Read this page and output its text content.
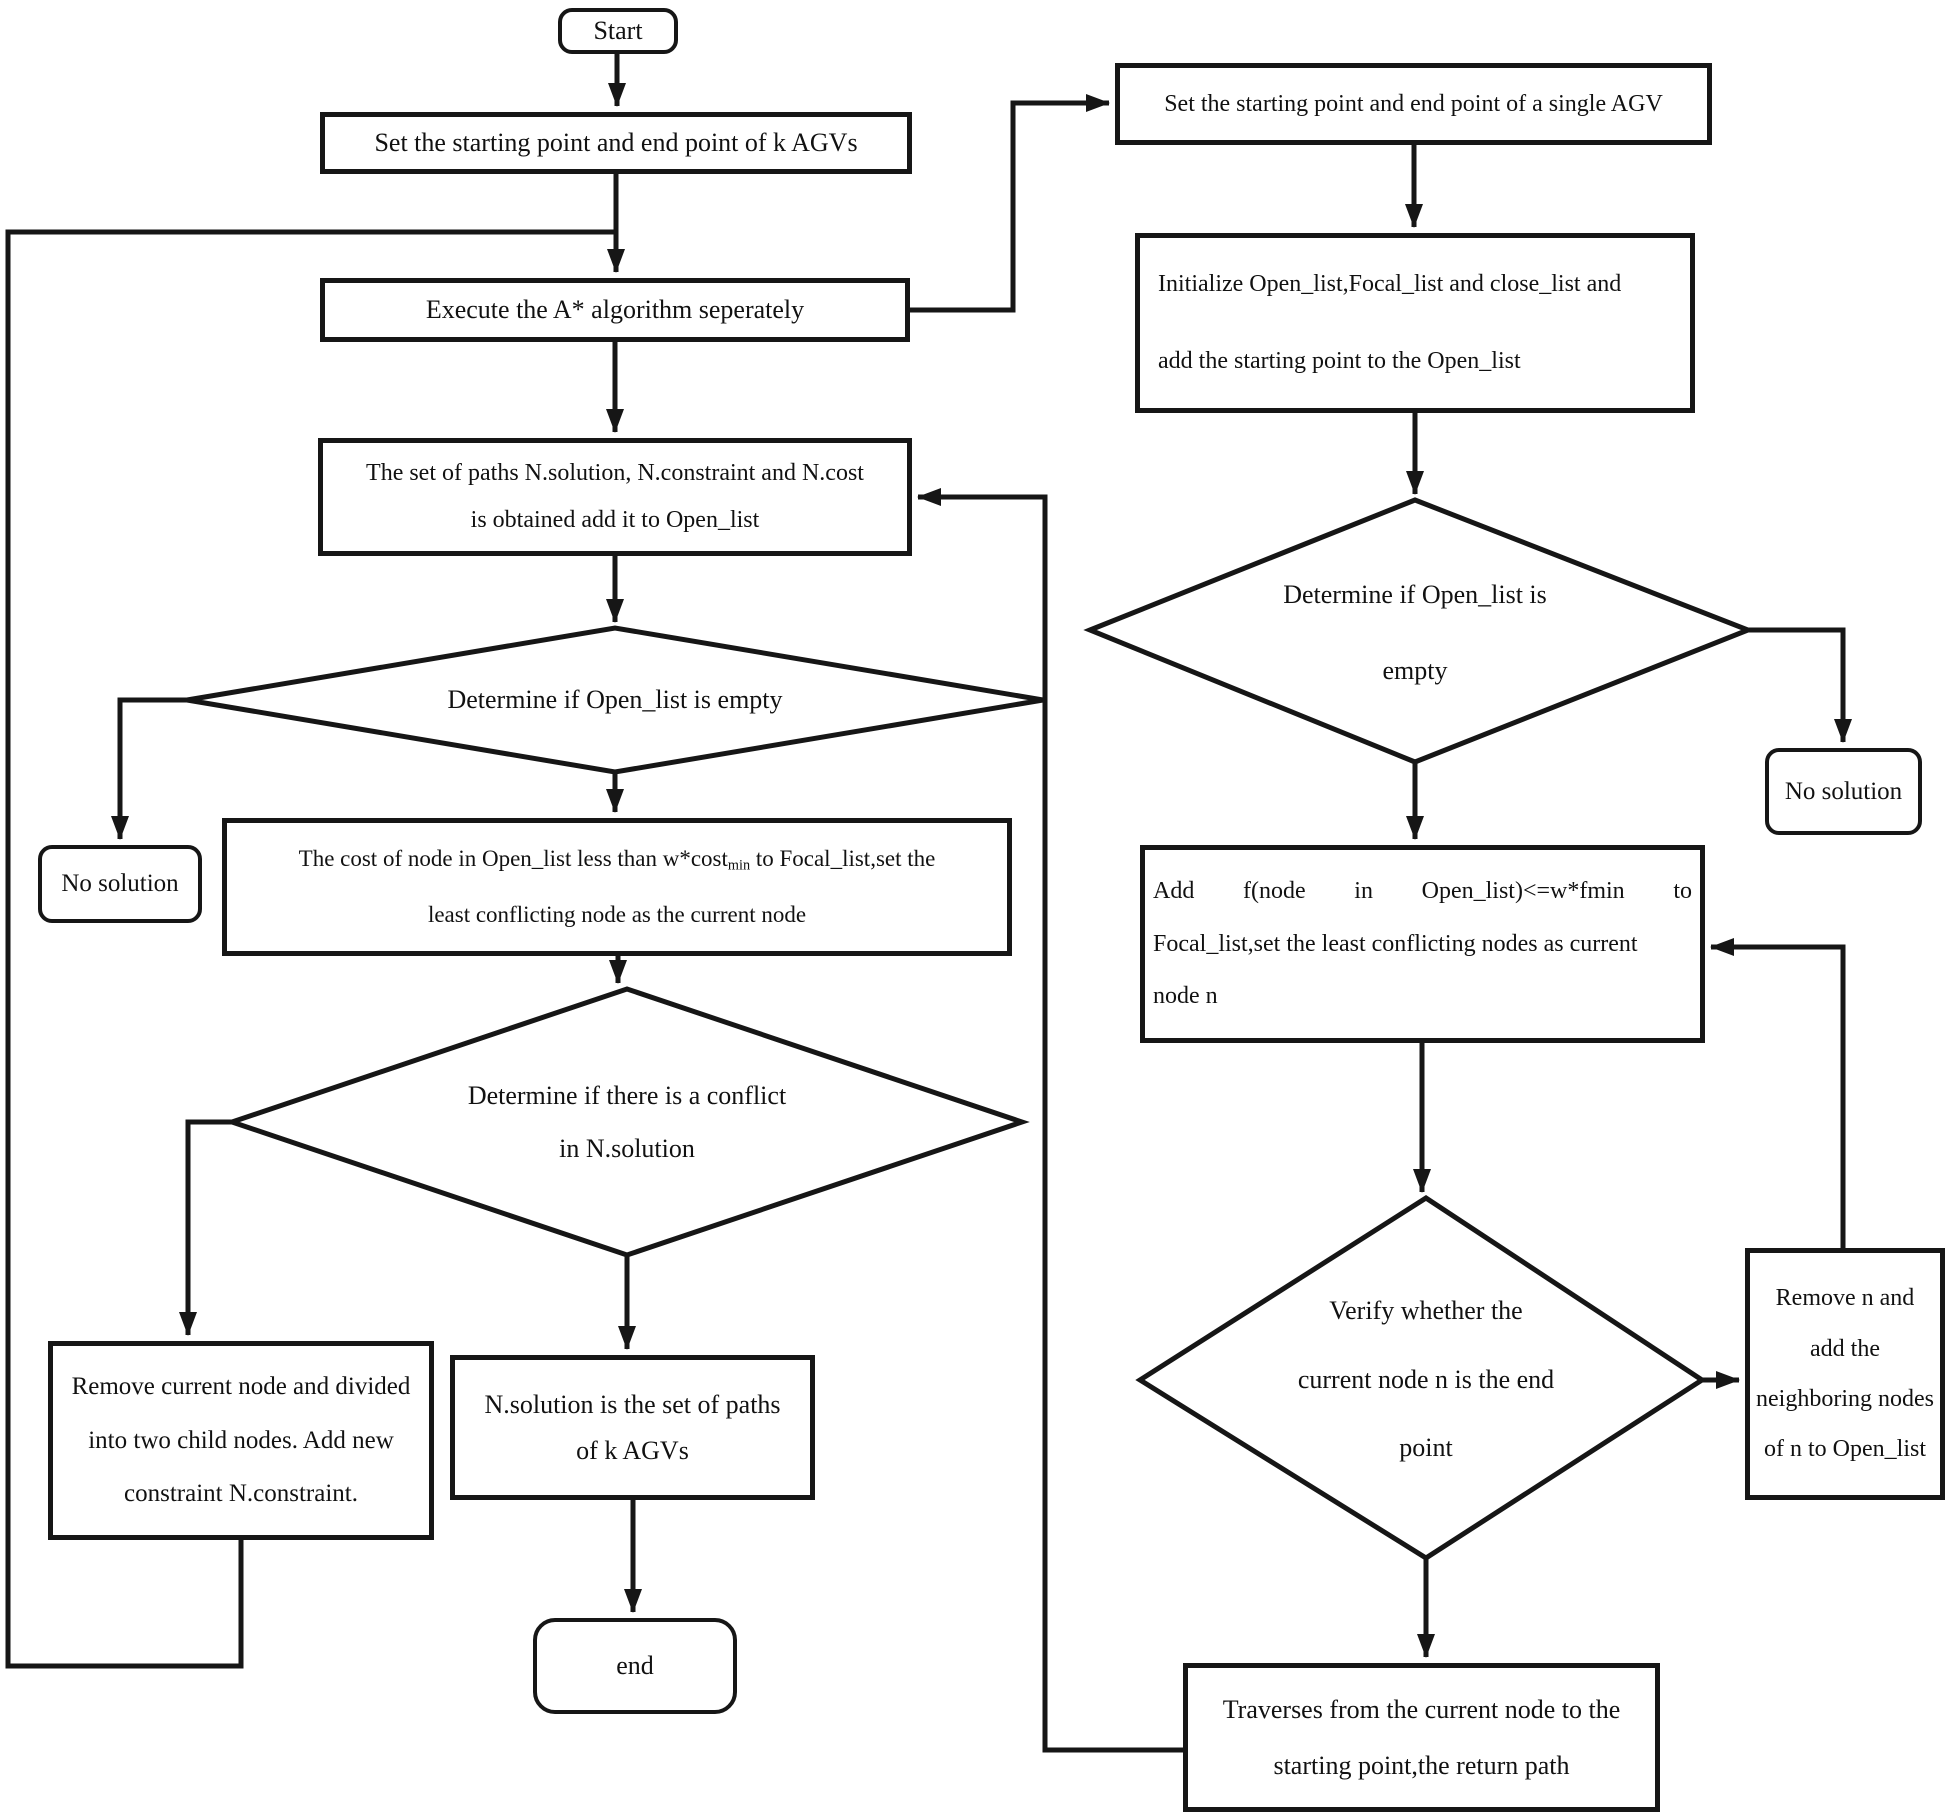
Start
Set the starting point and end point of k AGVs
Execute the A* algorithm seperately
The set of paths N.solution, N.constraint and N.cost
is obtained add it to Open_list
Determine if Open_list is empty
No solution
The cost of node in Open_list less than w*cost$_{min}$ to Focal_list,set the
least conflicting node as the current node
Determine if there is a conflict
in N.solution
Remove current node and divided
into two child nodes. Add new
constraint N.constraint.
N.solution is the set of paths
of k AGVs
end
Set the starting point and end point of a single AGV
Initialize Open_list,Focal_list and close_list and
add the starting point to the Open_list
Determine if Open_list is
empty
No solution
Add f(node in Open_list)<=w*fmin to
Focal_list,set the least conflicting nodes as current
node n
Verify whether the
current node n is the end
point
Remove n and
add the
neighboring nodes
of n to Open_list
Traverses from the current node to the
starting point,the return path
